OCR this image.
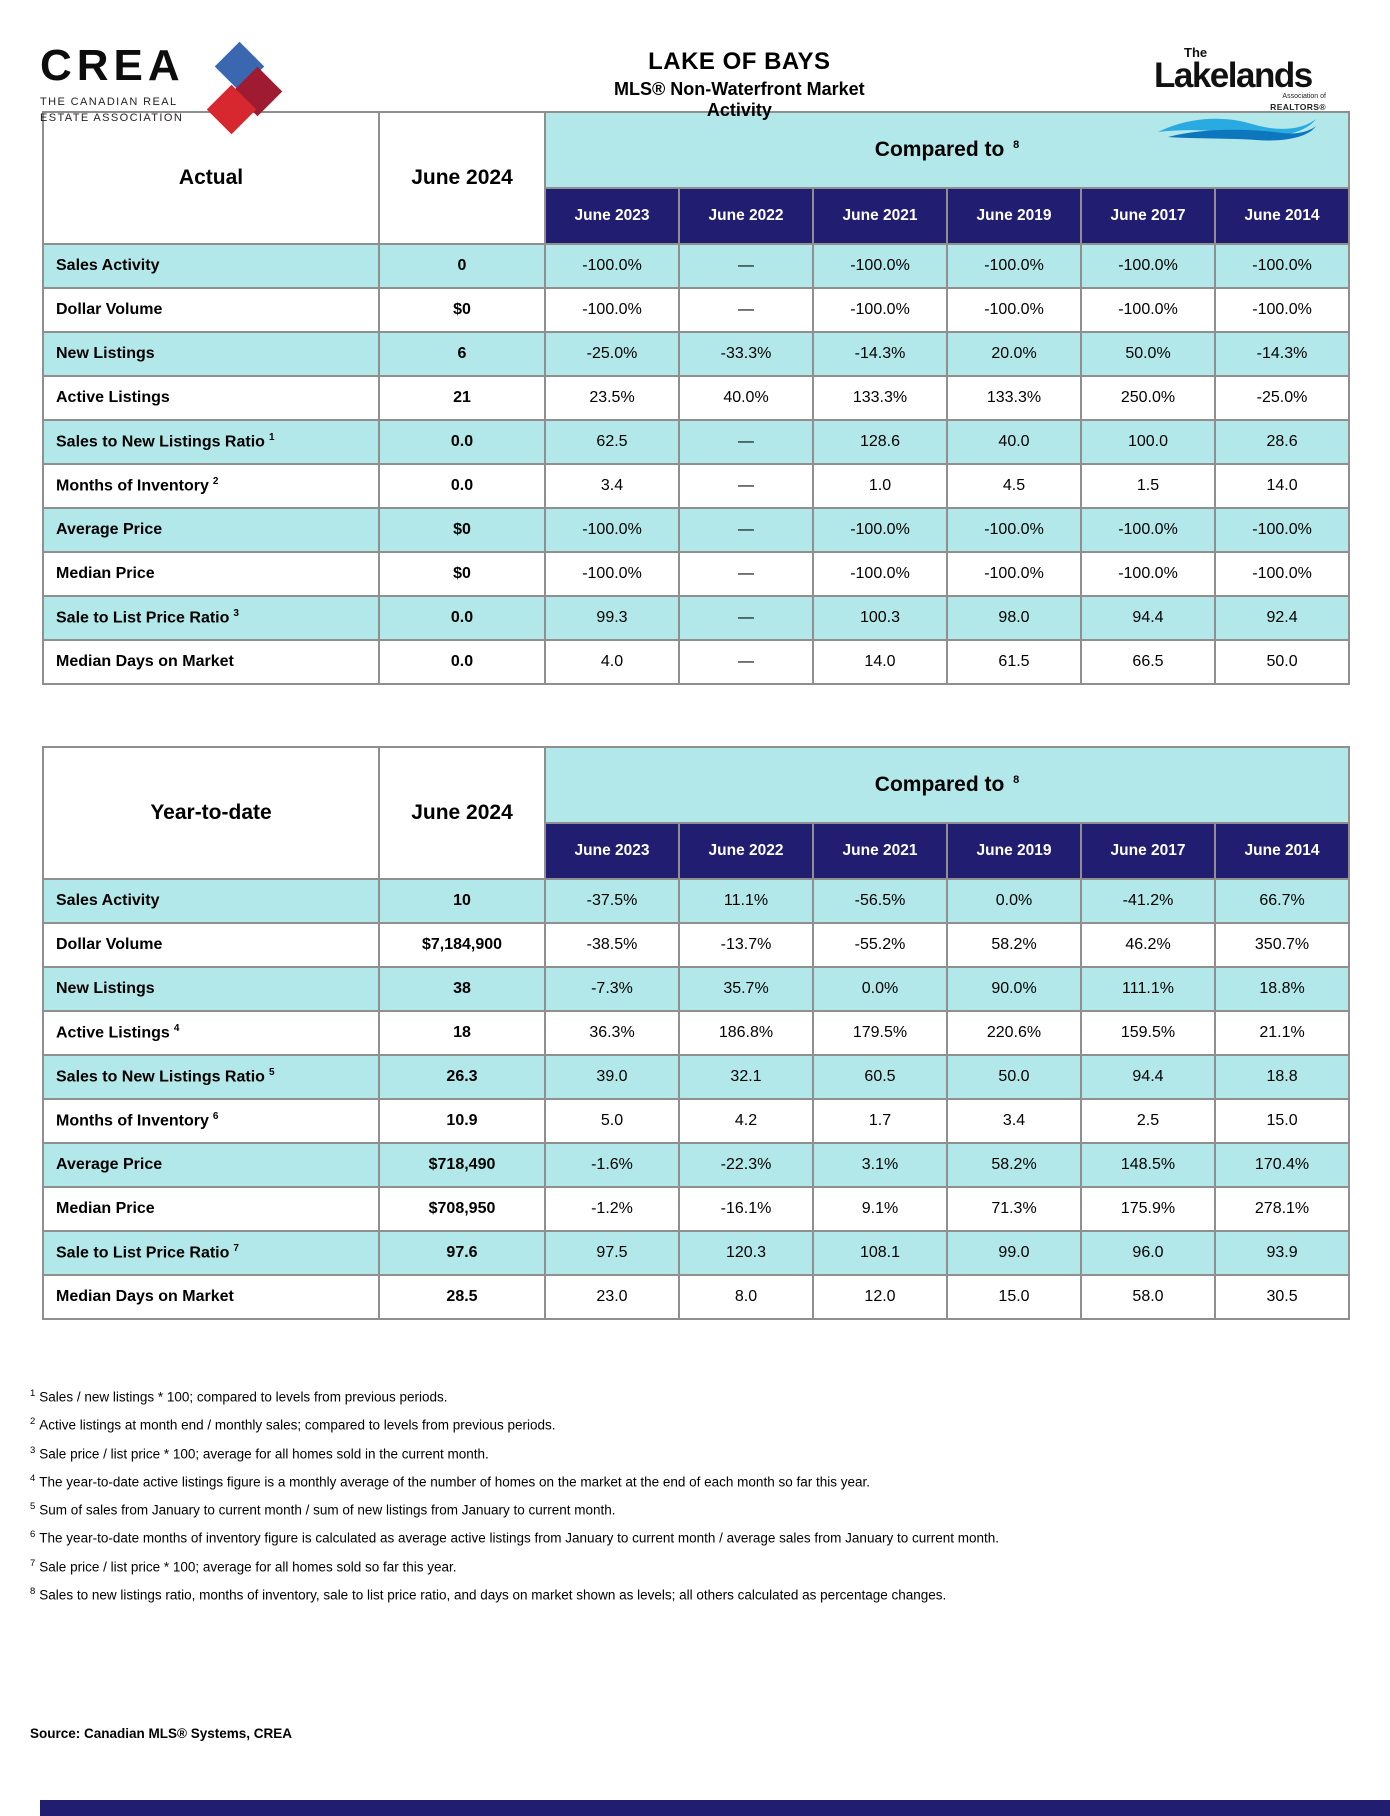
CREA
THE CANADIAN REAL
ESTATE ASSOCIATION
LAKE OF BAYS
MLS® Non-Waterfront Market
Activity
The
Lakelands
Association of
REALTORS®
Actual	June 2024	Compared to $^8$
		June 2023	June 2022	June 2021	June 2019	June 2017	June 2014
Sales Activity	0	-100.0%	—	-100.0%	-100.0%	-100.0%	-100.0%
Dollar Volume	$0	-100.0%	—	-100.0%	-100.0%	-100.0%	-100.0%
New Listings	6	-25.0%	-33.3%	-14.3%	20.0%	50.0%	-14.3%
Active Listings	21	23.5%	40.0%	133.3%	133.3%	250.0%	-25.0%
Sales to New Listings Ratio $^1$	0.0	62.5	—	128.6	40.0	100.0	28.6
Months of Inventory $^2$	0.0	3.4	—	1.0	4.5	1.5	14.0
Average Price	$0	-100.0%	—	-100.0%	-100.0%	-100.0%	-100.0%
Median Price	$0	-100.0%	—	-100.0%	-100.0%	-100.0%	-100.0%
Sale to List Price Ratio $^3$	0.0	99.3	—	100.3	98.0	94.4	92.4
Median Days on Market	0.0	4.0	—	14.0	61.5	66.5	50.0
Year-to-date	June 2024	Compared to $^8$
		June 2023	June 2022	June 2021	June 2019	June 2017	June 2014
Sales Activity	10	-37.5%	11.1%	-56.5%	0.0%	-41.2%	66.7%
Dollar Volume	$7,184,900	-38.5%	-13.7%	-55.2%	58.2%	46.2%	350.7%
New Listings	38	-7.3%	35.7%	0.0%	90.0%	111.1%	18.8%
Active Listings $^4$	18	36.3%	186.8%	179.5%	220.6%	159.5%	21.1%
Sales to New Listings Ratio $^5$	26.3	39.0	32.1	60.5	50.0	94.4	18.8
Months of Inventory $^6$	10.9	5.0	4.2	1.7	3.4	2.5	15.0
Average Price	$718,490	-1.6%	-22.3%	3.1%	58.2%	148.5%	170.4%
Median Price	$708,950	-1.2%	-16.1%	9.1%	71.3%	175.9%	278.1%
Sale to List Price Ratio $^7$	97.6	97.5	120.3	108.1	99.0	96.0	93.9
Median Days on Market	28.5	23.0	8.0	12.0	15.0	58.0	30.5
$^1$ Sales / new listings * 100; compared to levels from previous periods.
$^2$ Active listings at month end / monthly sales; compared to levels from previous periods.
$^3$ Sale price / list price * 100; average for all homes sold in the current month.
$^4$ The year-to-date active listings figure is a monthly average of the number of homes on the market at the end of each month so far this year.
$^5$ Sum of sales from January to current month / sum of new listings from January to current month.
$^6$ The year-to-date months of inventory figure is calculated as average active listings from January to current month / average sales from January to current month.
$^7$ Sale price / list price * 100; average for all homes sold so far this year.
$^8$ Sales to new listings ratio, months of inventory, sale to list price ratio, and days on market shown as levels; all others calculated as percentage changes.
Source: Canadian MLS® Systems, CREA
